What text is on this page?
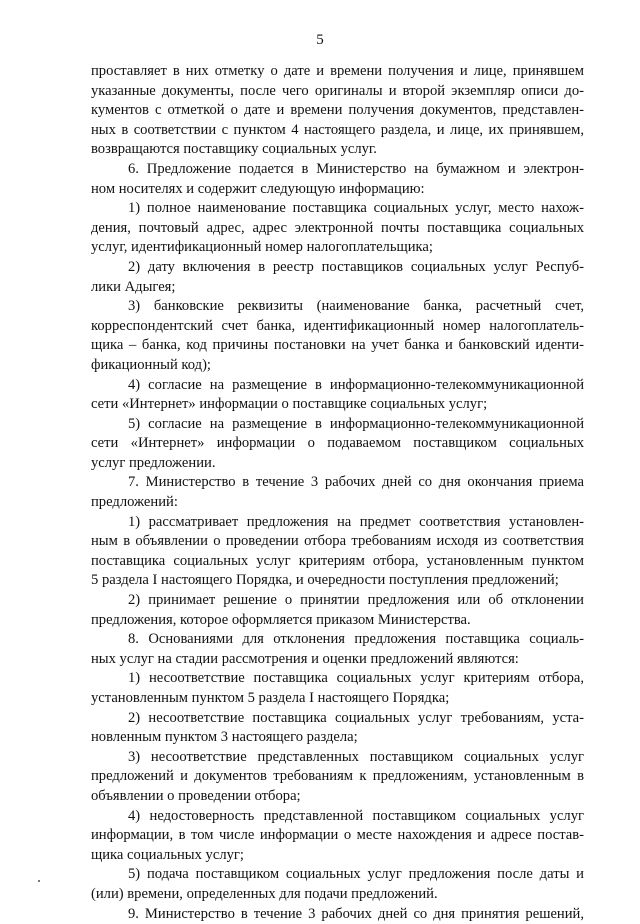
5
проставляет в них отметку о дате и времени получения и лице, принявшем
указанные документы, после чего оригиналы и второй экземпляр описи до-
кументов с отметкой о дате и времени получения документов, представлен-
ных в соответствии с пунктом 4 настоящего раздела, и лице, их принявшем,
возвращаются поставщику социальных услуг.
6. Предложение подается в Министерство на бумажном и электрон-
ном носителях и содержит следующую информацию:
1) полное наименование поставщика социальных услуг, место нахож-
дения, почтовый адрес, адрес электронной почты поставщика социальных
услуг, идентификационный номер налогоплательщика;
2) дату включения в реестр поставщиков социальных услуг Респуб-
лики Адыгея;
3) банковские реквизиты (наименование банка, расчетный счет,
корреспондентский счет банка, идентификационный номер налогоплатель-
щика – банка, код причины постановки на учет банка и банковский иденти-
фикационный код);
4) согласие на размещение в информационно-телекоммуникационной
сети «Интернет» информации о поставщике социальных услуг;
5) согласие на размещение в информационно-телекоммуникационной
сети «Интернет» информации о подаваемом поставщиком социальных
услуг предложении.
7. Министерство в течение 3 рабочих дней со дня окончания приема
предложений:
1) рассматривает предложения на предмет соответствия установлен-
ным в объявлении о проведении отбора требованиям исходя из соответствия
поставщика социальных услуг критериям отбора, установленным пунктом
5 раздела I настоящего Порядка, и очередности поступления предложений;
2) принимает решение о принятии предложения или об отклонении
предложения, которое оформляется приказом Министерства.
8. Основаниями для отклонения предложения поставщика социаль-
ных услуг на стадии рассмотрения и оценки предложений являются:
1) несоответствие поставщика социальных услуг критериям отбора,
установленным пунктом 5 раздела I настоящего Порядка;
2) несоответствие поставщика социальных услуг требованиям, уста-
новленным пунктом 3 настоящего раздела;
3) несоответствие представленных поставщиком социальных услуг
предложений и документов требованиям к предложениям, установленным в
объявлении о проведении отбора;
4) недостоверность представленной поставщиком социальных услуг
информации, в том числе информации о месте нахождения и адресе постав-
щика социальных услуг;
5) подача поставщиком социальных услуг предложения после даты и
(или) времени, определенных для подачи предложений.
9. Министерство в течение 3 рабочих дней со дня принятия решений,
